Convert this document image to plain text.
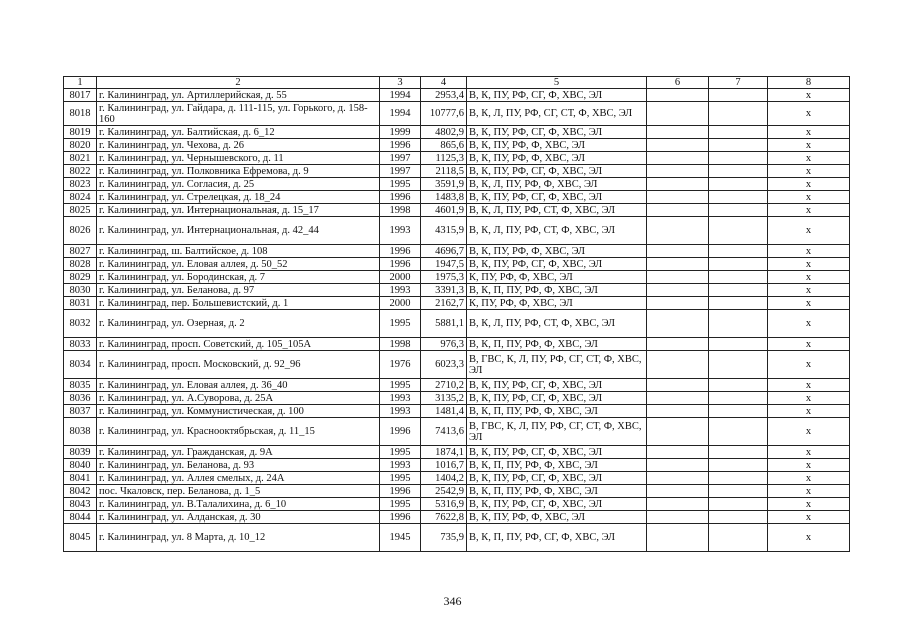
1	2	3	4	5	6	7	8
8017	г. Калининград, ул. Артиллерийская, д. 55	1994	2953,4	В, К, ПУ, РФ, СГ, Ф, ХВС, ЭЛ			х
8018	г. Калининград, ул. Гайдара, д. 111-115, ул. Горького, д. 158-160	1994	10777,6	В, К, Л, ПУ, РФ, СГ, СТ, Ф, ХВС, ЭЛ			х
8019	г. Калининград, ул. Балтийская, д. 6_12	1999	4802,9	В, К, ПУ, РФ, СГ, Ф, ХВС, ЭЛ			х
8020	г. Калининград, ул. Чехова, д. 26	1996	865,6	В, К, ПУ, РФ, Ф, ХВС, ЭЛ			х
8021	г. Калининград, ул. Чернышевского, д. 11	1997	1125,3	В, К, ПУ, РФ, Ф, ХВС, ЭЛ			х
8022	г. Калининград, ул. Полковника Ефремова, д. 9	1997	2118,5	В, К, ПУ, РФ, СГ, Ф, ХВС, ЭЛ			х
8023	г. Калининград, ул. Согласия, д. 25	1995	3591,9	В, К, Л, ПУ, РФ, Ф, ХВС, ЭЛ			х
8024	г. Калининград, ул. Стрелецкая, д. 18_24	1996	1483,8	В, К, ПУ, РФ, СГ, Ф, ХВС, ЭЛ			х
8025	г. Калининград, ул. Интернациональная, д. 15_17	1998	4601,9	В, К, Л, ПУ, РФ, СТ, Ф, ХВС, ЭЛ			х
8026	г. Калининград, ул. Интернациональная, д. 42_44	1993	4315,9	В, К, Л, ПУ, РФ, СТ, Ф, ХВС, ЭЛ			х
8027	г. Калининград, ш. Балтийское, д. 108	1996	4696,7	В, К, ПУ, РФ, Ф, ХВС, ЭЛ			х
8028	г. Калининград, ул. Еловая аллея, д. 50_52	1996	1947,5	В, К, ПУ, РФ, СГ, Ф, ХВС, ЭЛ			х
8029	г. Калининград, ул. Бородинская, д. 7	2000	1975,3	К, ПУ, РФ, Ф, ХВС, ЭЛ			х
8030	г. Калининград, ул. Беланова, д. 97	1993	3391,3	В, К, П, ПУ, РФ, Ф, ХВС, ЭЛ			х
8031	г. Калининград, пер. Большевистский, д. 1	2000	2162,7	К, ПУ, РФ, Ф, ХВС, ЭЛ			х
8032	г. Калининград, ул. Озерная, д. 2	1995	5881,1	В, К, Л, ПУ, РФ, СТ, Ф, ХВС, ЭЛ			х
8033	г. Калининград, просп. Советский, д. 105_105А	1998	976,3	В, К, П, ПУ, РФ, Ф, ХВС, ЭЛ			х
8034	г. Калининград, просп. Московский, д. 92_96	1976	6023,3	В, ГВС, К, Л, ПУ, РФ, СГ, СТ, Ф, ХВС, ЭЛ			х
8035	г. Калининград, ул. Еловая аллея, д. 36_40	1995	2710,2	В, К, ПУ, РФ, СГ, Ф, ХВС, ЭЛ			х
8036	г. Калининград, ул. А.Суворова, д. 25А	1993	3135,2	В, К, ПУ, РФ, СГ, Ф, ХВС, ЭЛ			х
8037	г. Калининград, ул. Коммунистическая, д. 100	1993	1481,4	В, К, П, ПУ, РФ, Ф, ХВС, ЭЛ			х
8038	г. Калининград, ул. Краснооктябрьская, д. 11_15	1996	7413,6	В, ГВС, К, Л, ПУ, РФ, СГ, СТ, Ф, ХВС, ЭЛ			х
8039	г. Калининград, ул. Гражданская, д. 9А	1995	1874,1	В, К, ПУ, РФ, СГ, Ф, ХВС, ЭЛ			х
8040	г. Калининград, ул. Беланова, д. 93	1993	1016,7	В, К, П, ПУ, РФ, Ф, ХВС, ЭЛ			х
8041	г. Калининград, ул. Аллея смелых, д. 24А	1995	1404,2	В, К, ПУ, РФ, СГ, Ф, ХВС, ЭЛ			х
8042	пос. Чкаловск, пер. Беланова, д. 1_5	1996	2542,9	В, К, П, ПУ, РФ, Ф, ХВС, ЭЛ			х
8043	г. Калининград, ул. В.Талалихина, д. 6_10	1995	5316,9	В, К, ПУ, РФ, СГ, Ф, ХВС, ЭЛ			х
8044	г. Калининград, ул. Алданская, д. 30	1996	7622,8	В, К, ПУ, РФ, Ф, ХВС, ЭЛ			х
8045	г. Калининград, ул. 8 Марта, д. 10_12	1945	735,9	В, К, П, ПУ, РФ, СГ, Ф, ХВС, ЭЛ			х
346
